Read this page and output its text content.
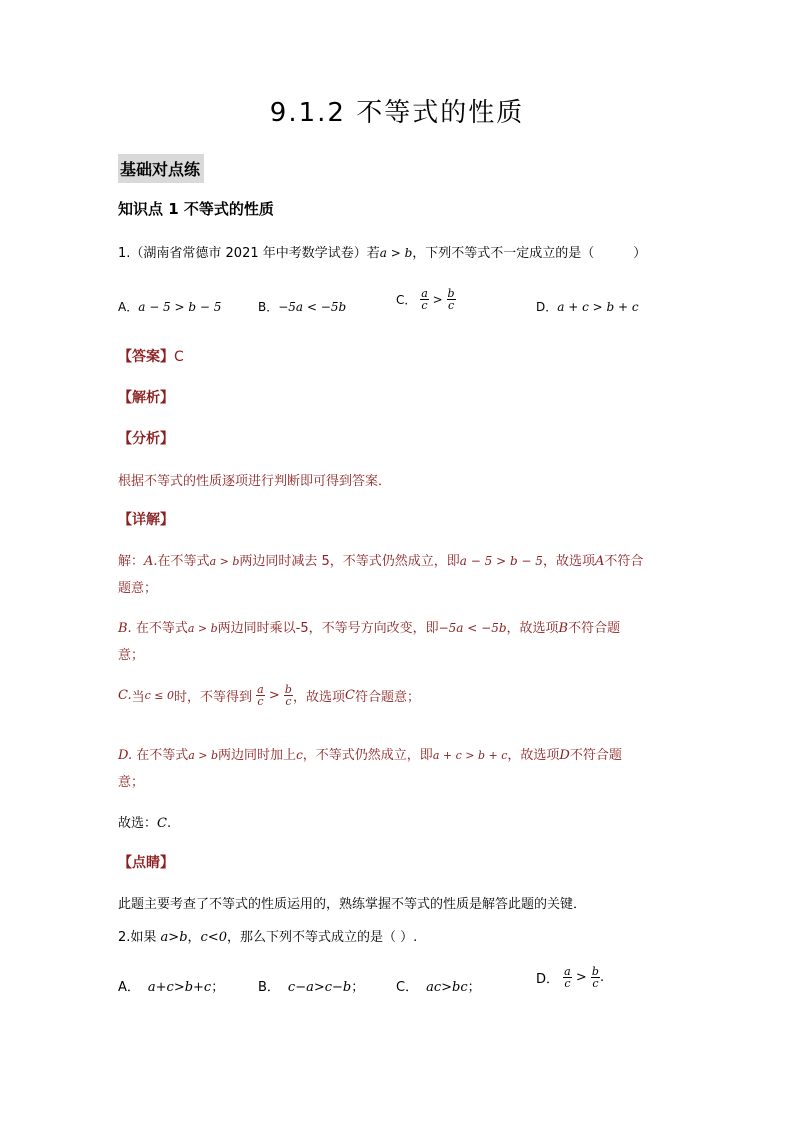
9.1.2 不等式的性质
基础对点练
知识点 1 不等式的性质
1.（湖南省常德市 2021 年中考数学试卷）若a > b，下列不等式不一定成立的是（　　　）
A．a − 5 > b − 5	B．−5a < −5b	C． $\frac{a}{c} > \frac{b}{c}$	D．a + c > b + c
【答案】C
【解析】
【分析】
根据不等式的性质逐项进行判断即可得到答案．
【详解】
解：A.在不等式a > b两边同时减去 5，不等式仍然成立，即a − 5 > b − 5，故选项A不符合
题意；
B. 在不等式a > b两边同时乘以-5，不等号方向改变，即−5a < −5b，故选项B不符合题
意；
C.当c ≤ 0时，不等得到 $\frac{a}{c} > \frac{b}{c}$ ，故选项C符合题意；
D. 在不等式a > b两边同时加上c，不等式仍然成立，即a + c > b + c，故选项D不符合题
意；
故选：C.
【点睛】
此题主要考查了不等式的性质运用的，熟练掌握不等式的性质是解答此题的关键．
2.如果 a>b，c<0，那么下列不等式成立的是（ ）.
A． a+c>b+c；	B． c−a>c−b； C． ac>bc；
D． $\frac{a}{c} > \frac{b}{c}$ .
